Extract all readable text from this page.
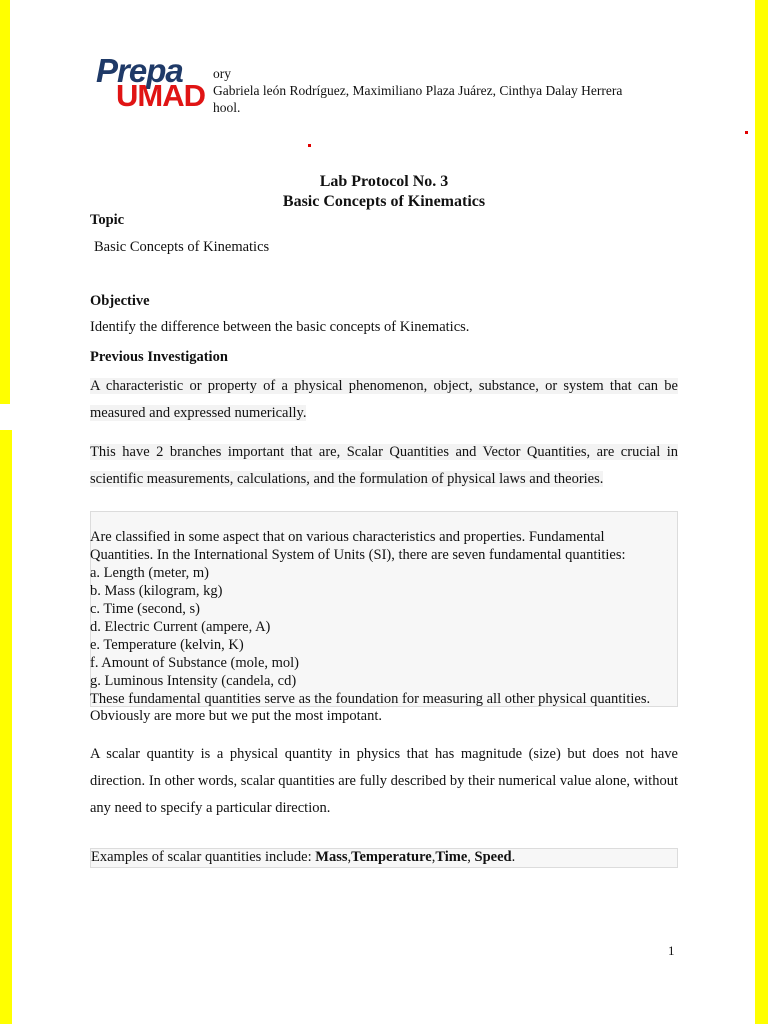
Prepa
UMAD
ory
Gabriela león Rodríguez, Maximiliano Plaza Juárez, Cinthya Dalay Herrera
hool.
Lab Protocol No. 3
Basic Concepts of Kinematics
Topic
Basic Concepts of Kinematics
Objective
Identify the difference between the basic concepts of Kinematics.
Previous Investigation
A characteristic or property of a physical phenomenon, object, substance, or system that can be measured and expressed numerically.
This have 2 branches important that are, Scalar Quantities and Vector Quantities, are crucial in scientific measurements, calculations, and the formulation of physical laws and theories.
Are classified in some aspect that on various characteristics and properties. Fundamental
Quantities. In the International System of Units (SI), there are seven fundamental quantities:
a. Length (meter, m)
b. Mass (kilogram, kg)
c. Time (second, s)
d. Electric Current (ampere, A)
e. Temperature (kelvin, K)
f. Amount of Substance (mole, mol)
g. Luminous Intensity (candela, cd)
These fundamental quantities serve as the foundation for measuring all other physical quantities.
Obviously are more but we put the most impotant.
A scalar quantity is a physical quantity in physics that has magnitude (size) but does not have direction. In other words, scalar quantities are fully described by their numerical value alone, without any need to specify a particular direction.
Examples of scalar quantities include: Mass,Temperature,Time, Speed.
1
